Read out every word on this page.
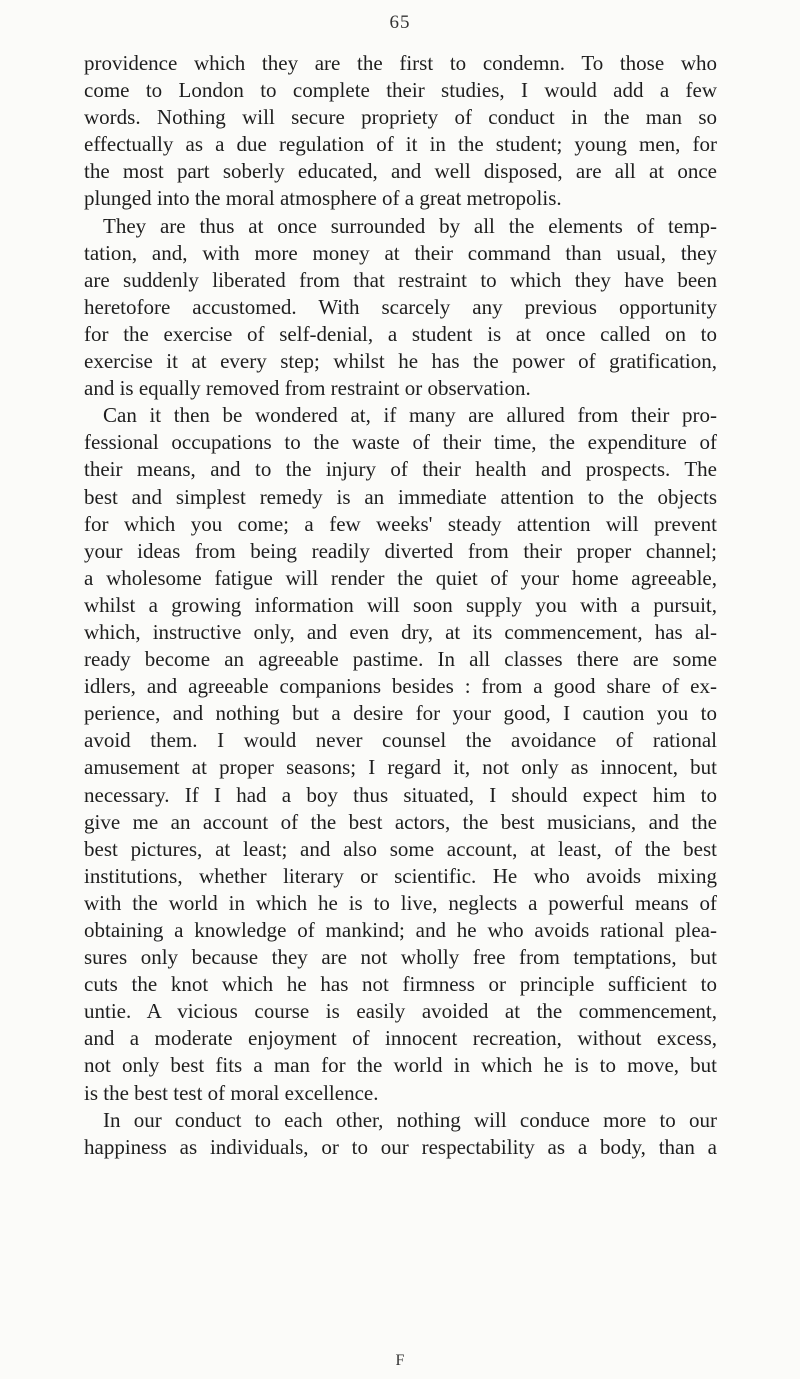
65
providence which they are the first to condemn. To those who
come to London to complete their studies, I would add a few
words. Nothing will secure propriety of conduct in the man so
effectually as a due regulation of it in the student; young men, for
the most part soberly educated, and well disposed, are all at once
plunged into the moral atmosphere of a great metropolis.
They are thus at once surrounded by all the elements of temp-
tation, and, with more money at their command than usual, they
are suddenly liberated from that restraint to which they have been
heretofore accustomed. With scarcely any previous opportunity
for the exercise of self-denial, a student is at once called on to
exercise it at every step; whilst he has the power of gratification,
and is equally removed from restraint or observation.
Can it then be wondered at, if many are allured from their pro-
fessional occupations to the waste of their time, the expenditure of
their means, and to the injury of their health and prospects. The
best and simplest remedy is an immediate attention to the objects
for which you come; a few weeks' steady attention will prevent
your ideas from being readily diverted from their proper channel;
a wholesome fatigue will render the quiet of your home agreeable,
whilst a growing information will soon supply you with a pursuit,
which, instructive only, and even dry, at its commencement, has al-
ready become an agreeable pastime. In all classes there are some
idlers, and agreeable companions besides : from a good share of ex-
perience, and nothing but a desire for your good, I caution you to
avoid them. I would never counsel the avoidance of rational
amusement at proper seasons; I regard it, not only as innocent, but
necessary. If I had a boy thus situated, I should expect him to
give me an account of the best actors, the best musicians, and the
best pictures, at least; and also some account, at least, of the best
institutions, whether literary or scientific. He who avoids mixing
with the world in which he is to live, neglects a powerful means of
obtaining a knowledge of mankind; and he who avoids rational plea-
sures only because they are not wholly free from temptations, but
cuts the knot which he has not firmness or principle sufficient to
untie. A vicious course is easily avoided at the commencement,
and a moderate enjoyment of innocent recreation, without excess,
not only best fits a man for the world in which he is to move, but
is the best test of moral excellence.
In our conduct to each other, nothing will conduce more to our
happiness as individuals, or to our respectability as a body, than a
F
